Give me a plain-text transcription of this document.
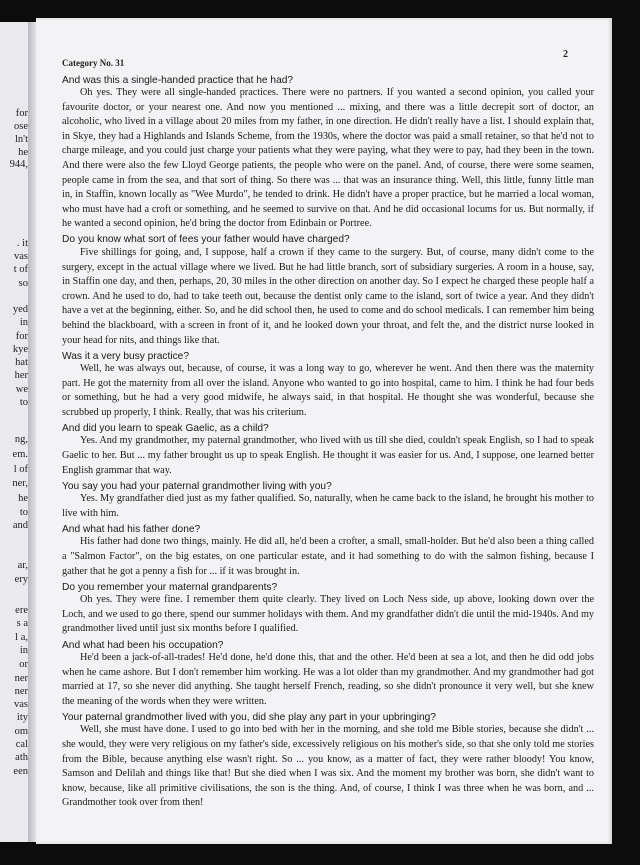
for
ose
ln't
he
944,
. it
vas
t of
so
yed
in
for
kye
hat
her
we
to
ng,
em.
l of
ner,
he
to
and
ar,
ery
ere
s a
l a,
in
or
ner
ner
vas
ity
om
cal
ath
een
Category No. 31
2

And was this a single-handed practice that he had?

Oh yes. They were all single-handed practices. There were no partners. If you wanted a second opinion, you called your favourite doctor, or your nearest one. And now you mentioned ... mixing, and there was a little decrepit sort of doctor, an alcoholic, who lived in a village about 20 miles from my father, in one direction. He didn't really have a list. I should explain that, in Skye, they had a Highlands and Islands Scheme, from the 1930s, where the doctor was paid a small retainer, so that he'd not to charge mileage, and you could just charge your patients what they were paying, what they were to pay, had they been in the town. And there were also the few Lloyd George patients, the people who were on the panel. And, of course, there were some seamen, people came in from the sea, and that sort of thing. So there was ... that was an insurance thing. Well, this little, funny little man in, in Staffin, known locally as "Wee Murdo", he tended to drink. He didn't have a proper practice, but he married a local woman, who must have had a croft or something, and he seemed to survive on that. And he did occasional locums for us. But normally, if he wanted a second opinion, he'd bring the doctor from Edinbain or Portree.

Do you know what sort of fees your father would have charged?

Five shillings for going, and, I suppose, half a crown if they came to the surgery. But, of course, many didn't come to the surgery, except in the actual village where we lived. But he had little branch, sort of subsidiary surgeries. A room in a house, say, in Staffin one day, and then, perhaps, 20, 30 miles in the other direction on another day. So I expect he charged these people half a crown. And he used to do, had to take teeth out, because the dentist only came to the island, sort of twice a year. And they didn't have a vet at the beginning, either. So, and he did school then, he used to come and do school medicals. I can remember him being behind the blackboard, with a screen in front of it, and he looked down your throat, and felt the, and the district nurse looked in your head for nits, and things like that.

Was it a very busy practice?

Well, he was always out, because, of course, it was a long way to go, wherever he went. And then there was the maternity part. He got the maternity from all over the island. Anyone who wanted to go into hospital, came to him. I think he had four beds or something, but he had a very good midwife, he always said, in that hospital. He thought she was wonderful, because she scrubbed up properly, I think. Really, that was his criterium.

And did you learn to speak Gaelic, as a child?

Yes. And my grandmother, my paternal grandmother, who lived with us till she died, couldn't speak English, so I had to speak Gaelic to her. But ... my father brought us up to speak English. He thought it was easier for us. And, I suppose, one learned better English grammar that way.

You say you had your paternal grandmother living with you?

Yes. My grandfather died just as my father qualified. So, naturally, when he came back to the island, he brought his mother to live with him.

And what had his father done?

His father had done two things, mainly. He did all, he'd been a crofter, a small, small-holder. But he'd also been a thing called a "Salmon Factor", on the big estates, on one particular estate, and it had something to do with the salmon fishing, because I gather that he got a penny a fish for ... if it was brought in.

Do you remember your maternal grandparents?

Oh yes. They were fine. I remember them quite clearly. They lived on Loch Ness side, up above, looking down over the Loch, and we used to go there, spend our summer holidays with them. And my grandfather didn't die until the mid-1940s. And my grandmother lived until just six months before I qualified.

And what had been his occupation?

He'd been a jack-of-all-trades! He'd done, he'd done this, that and the other. He'd been at sea a lot, and then he did odd jobs when he came ashore. But I don't remember him working. He was a lot older than my grandmother. And my grandmother had got married at 17, so she never did anything. She taught herself French, reading, so she didn't pronounce it very well, but she knew the meaning of the words when they were written.

Your paternal grandmother lived with you, did she play any part in your upbringing?

Well, she must have done. I used to go into bed with her in the morning, and she told me Bible stories, because she didn't ... she would, they were very religious on my father's side, excessively religious on his mother's side, so that she only told me stories from the Bible, because anything else wasn't right. So ... you know, as a matter of fact, they were rather bloody! You know, Samson and Delilah and things like that! But she died when I was six. And the moment my brother was born, she didn't want to know, because, like all primitive civilisations, the son is the thing. And, of course, I think I was three when he was born, and ... Grandmother took over from then!
